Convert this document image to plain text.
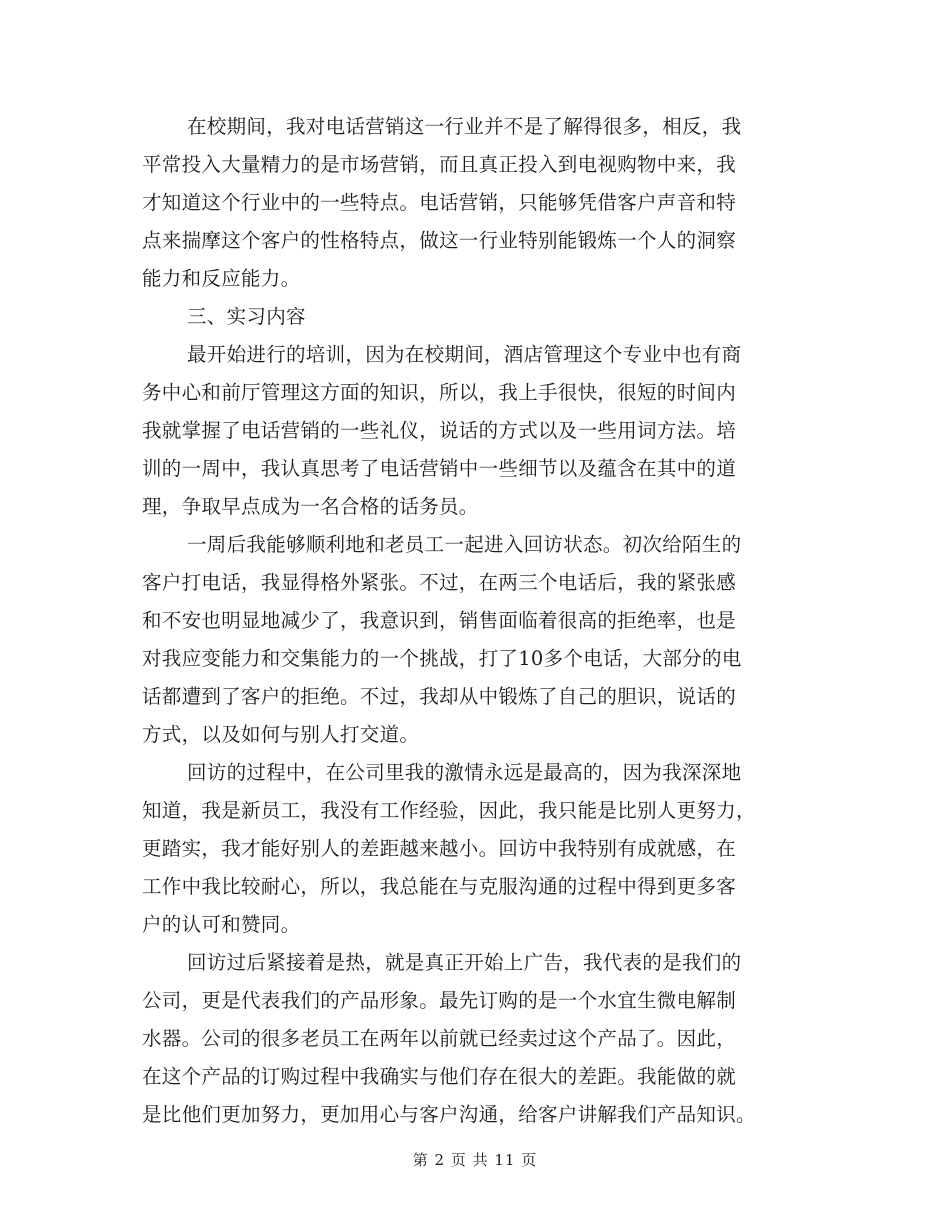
在校期间，我对电话营销这一行业并不是了解得很多，相反，我
平常投入大量精力的是市场营销，而且真正投入到电视购物中来，我
才知道这个行业中的一些特点。电话营销，只能够凭借客户声音和特
点来揣摩这个客户的性格特点，做这一行业特别能锻炼一个人的洞察
能力和反应能力。
三、实习内容
最开始进行的培训，因为在校期间，酒店管理这个专业中也有商
务中心和前厅管理这方面的知识，所以，我上手很快，很短的时间内
我就掌握了电话营销的一些礼仪，说话的方式以及一些用词方法。培
训的一周中，我认真思考了电话营销中一些细节以及蕴含在其中的道
理，争取早点成为一名合格的话务员。
一周后我能够顺利地和老员工一起进入回访状态。初次给陌生的
客户打电话，我显得格外紧张。不过，在两三个电话后，我的紧张感
和不安也明显地减少了，我意识到，销售面临着很高的拒绝率，也是
对我应变能力和交集能力的一个挑战，打了10多个电话，大部分的电
话都遭到了客户的拒绝。不过，我却从中锻炼了自己的胆识，说话的
方式，以及如何与别人打交道。
回访的过程中，在公司里我的激情永远是最高的，因为我深深地
知道，我是新员工，我没有工作经验，因此，我只能是比别人更努力，
更踏实，我才能好别人的差距越来越小。回访中我特别有成就感，在
工作中我比较耐心，所以，我总能在与克服沟通的过程中得到更多客
户的认可和赞同。
回访过后紧接着是热，就是真正开始上广告，我代表的是我们的
公司，更是代表我们的产品形象。最先订购的是一个水宜生微电解制
水器。公司的很多老员工在两年以前就已经卖过这个产品了。因此，
在这个产品的订购过程中我确实与他们存在很大的差距。我能做的就
是比他们更加努力，更加用心与客户沟通，给客户讲解我们产品知识。
第 2 页 共 11 页
